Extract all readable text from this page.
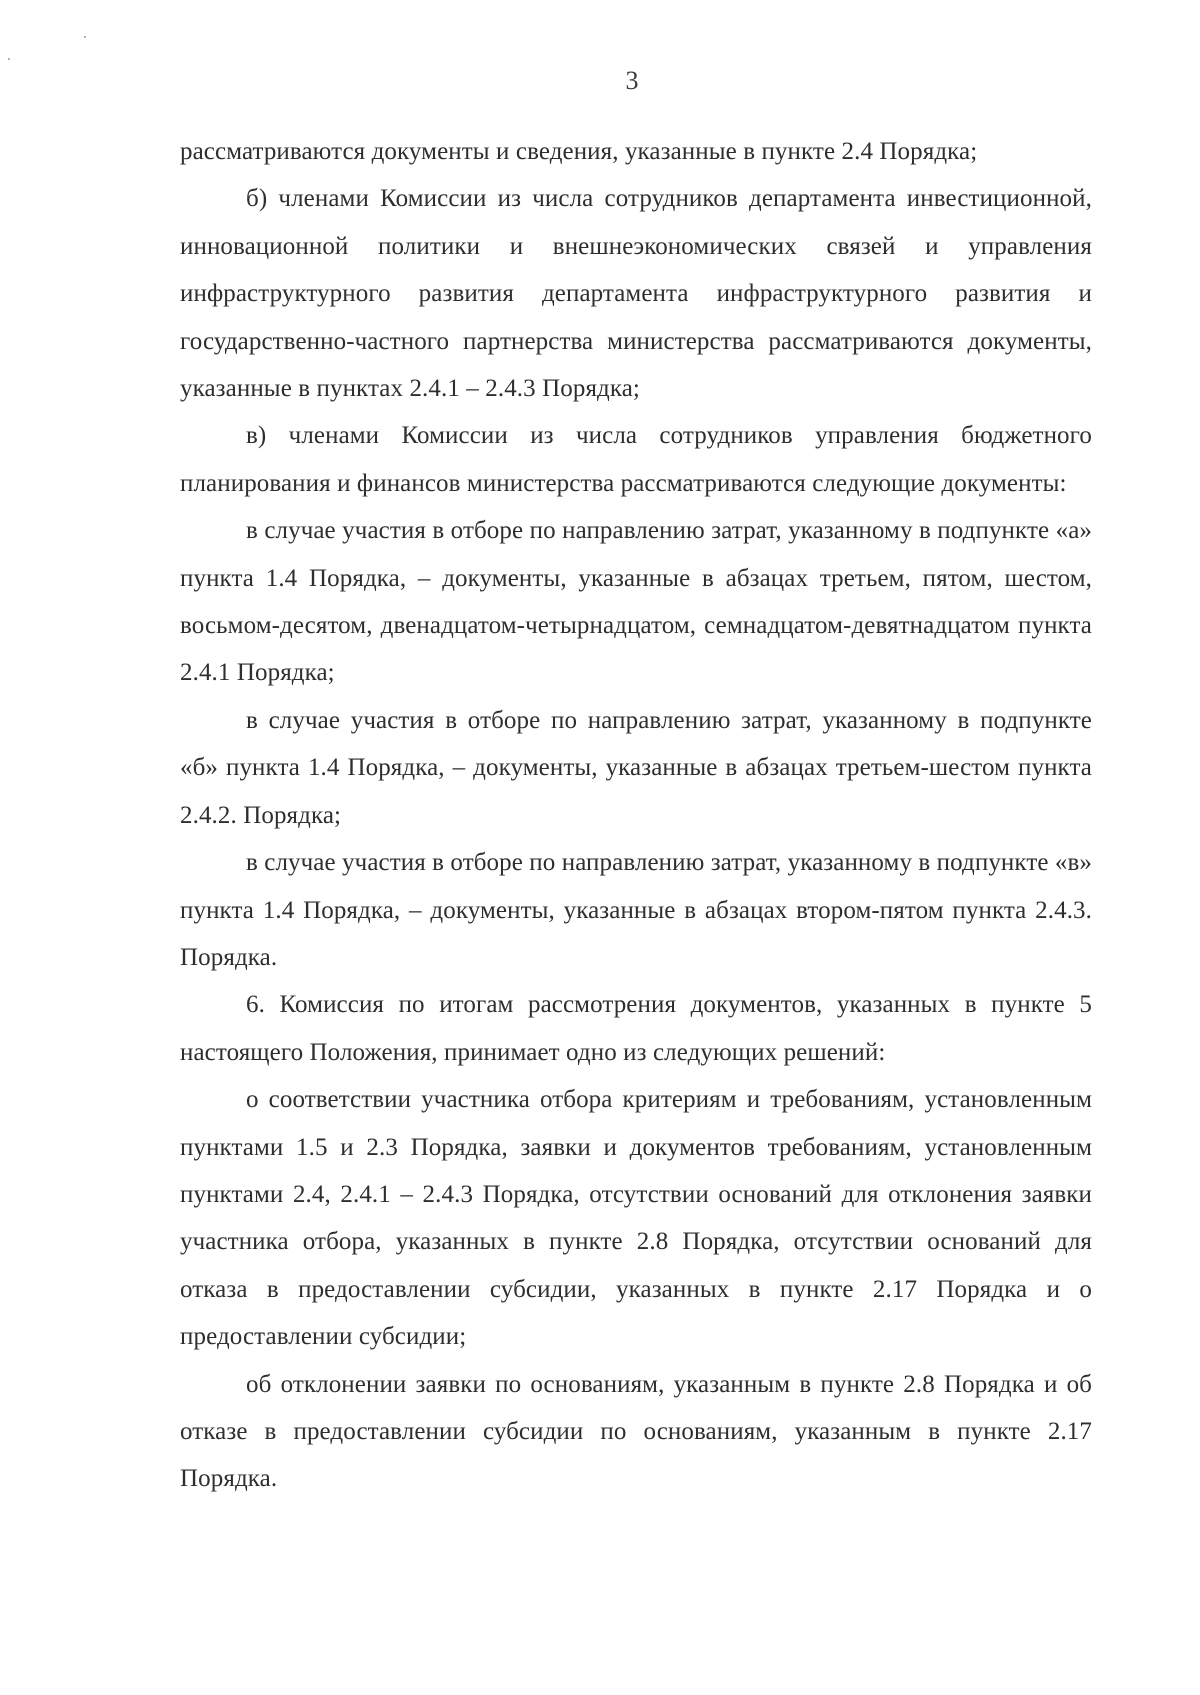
3

рассматриваются документы и сведения, указанные в пункте 2.4 Порядка;

б) членами Комиссии из числа сотрудников департамента инвестиционной, инновационной политики и внешнеэкономических связей и управления инфраструктурного развития департамента инфраструктурного развития и государственно-частного партнерства министерства рассматриваются документы, указанные в пунктах 2.4.1 – 2.4.3 Порядка;

в) членами Комиссии из числа сотрудников управления бюджетного планирования и финансов министерства рассматриваются следующие документы:

в случае участия в отборе по направлению затрат, указанному в подпункте «а» пункта 1.4 Порядка, – документы, указанные в абзацах третьем, пятом, шестом, восьмом-десятом, двенадцатом-четырнадцатом, семнадцатом-девятнадцатом пункта 2.4.1 Порядка;

в случае участия в отборе по направлению затрат, указанному в подпункте «б» пункта 1.4 Порядка, – документы, указанные в абзацах третьем-шестом пункта 2.4.2. Порядка;

в случае участия в отборе по направлению затрат, указанному в подпункте «в» пункта 1.4 Порядка, – документы, указанные в абзацах втором-пятом пункта 2.4.3. Порядка.

6. Комиссия по итогам рассмотрения документов, указанных в пункте 5 настоящего Положения, принимает одно из следующих решений:

о соответствии участника отбора критериям и требованиям, установленным пунктами 1.5 и 2.3 Порядка, заявки и документов требованиям, установленным пунктами 2.4, 2.4.1 – 2.4.3 Порядка, отсутствии оснований для отклонения заявки участника отбора, указанных в пункте 2.8 Порядка, отсутствии оснований для отказа в предоставлении субсидии, указанных в пункте 2.17 Порядка и о предоставлении субсидии;

об отклонении заявки по основаниям, указанным в пункте 2.8 Порядка и об отказе в предоставлении субсидии по основаниям, указанным в пункте 2.17 Порядка.
